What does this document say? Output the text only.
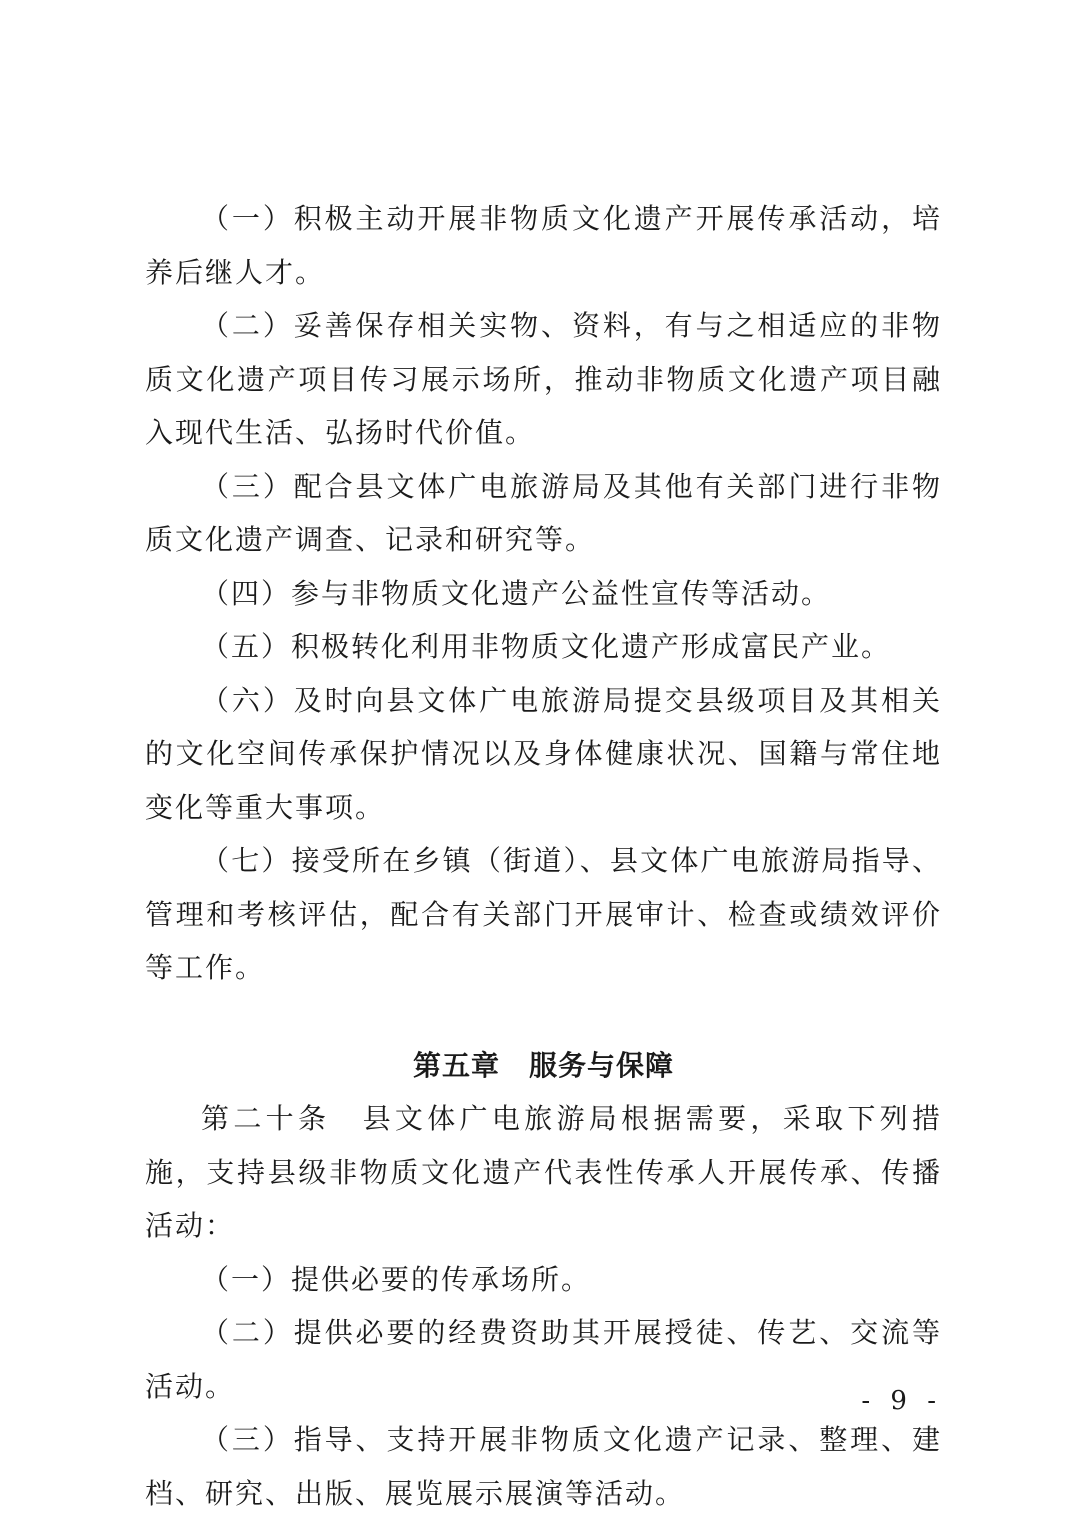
（一）积极主动开展非物质文化遗产开展传承活动，培养后继人才。

（二）妥善保存相关实物、资料，有与之相适应的非物质文化遗产项目传习展示场所，推动非物质文化遗产项目融入现代生活、弘扬时代价值。

（三）配合县文体广电旅游局及其他有关部门进行非物质文化遗产调查、记录和研究等。

（四）参与非物质文化遗产公益性宣传等活动。

（五）积极转化利用非物质文化遗产形成富民产业。

（六）及时向县文体广电旅游局提交县级项目及其相关的文化空间传承保护情况以及身体健康状况、国籍与常住地变化等重大事项。

（七）接受所在乡镇（街道）、县文体广电旅游局指导、管理和考核评估，配合有关部门开展审计、检查或绩效评价等工作。

第五章　服务与保障

第二十条　县文体广电旅游局根据需要，采取下列措施，支持县级非物质文化遗产代表性传承人开展传承、传播活动：

（一）提供必要的传承场所。

（二）提供必要的经费资助其开展授徒、传艺、交流等活动。

（三）指导、支持开展非物质文化遗产记录、整理、建档、研究、出版、展览展示展演等活动。

- 9 -
